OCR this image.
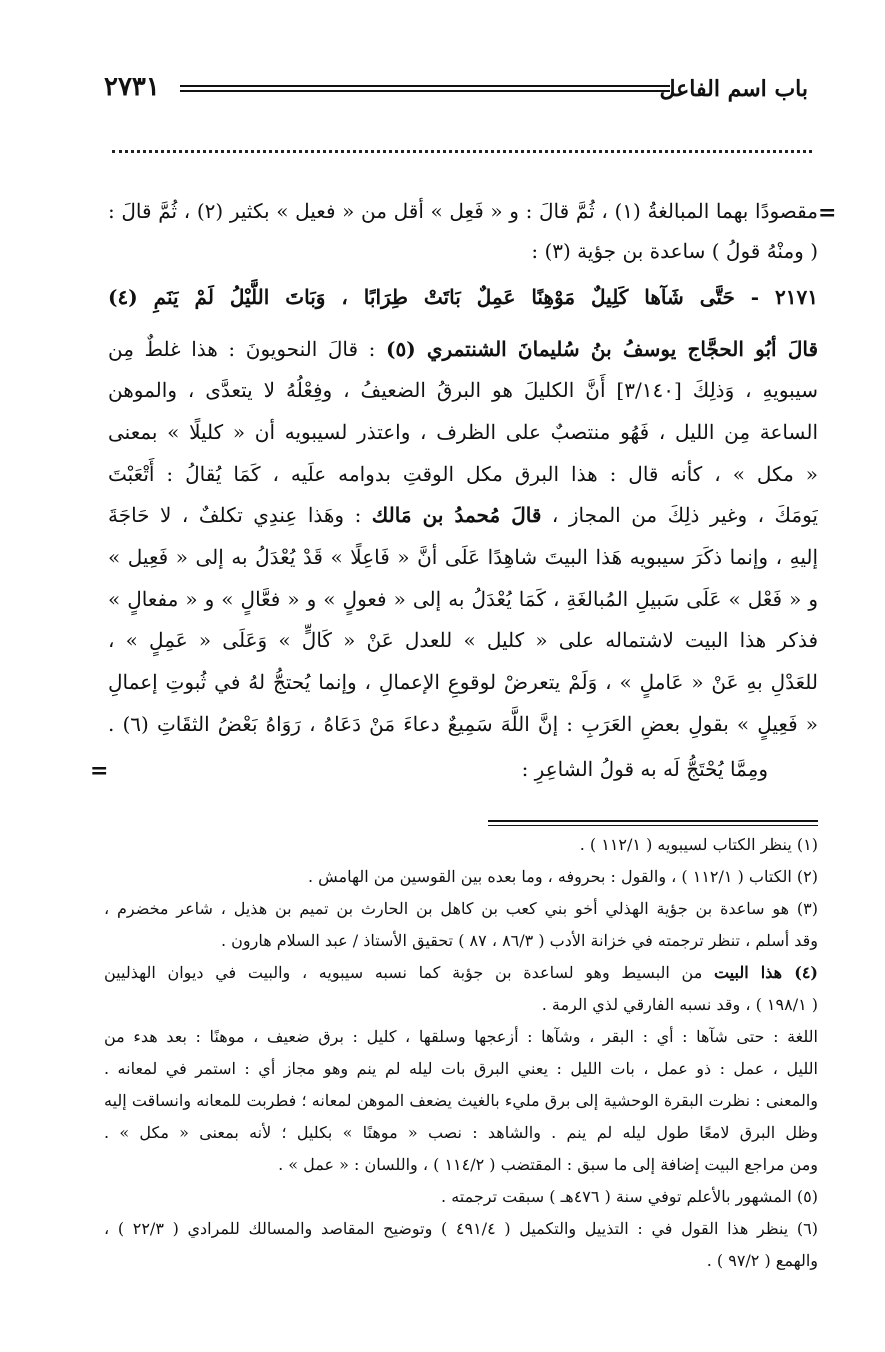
باب اسم الفاعل
٢٧٣١
=
مقصودًا بهما المبالغةُ (١) ، ثُمَّ قالَ : و « فَعِل » أقل من « فعيل » بكثير (٢) ، ثُمَّ قالَ :
( ومنْهُ قولُ ) ساعدة بن جؤية (٣) :
٢١٧١ - حَتَّى شَآها كَلِيلٌ مَوْهِنًا عَمِلٌ بَاتَتْ طِرَابًا ، وَبَاتَ اللَّيْلُ لَمْ يَنَمِ (٤)
قالَ أبُو الحجَّاج يوسفُ بنُ سُليمانَ الشنتمري (٥) : قالَ النحويونَ : هذا غلطٌ مِن
سيبويهِ ، وَذلِكَ [٣/١٤٠] أَنَّ الكليلَ هو البرقُ الضعيفُ ، وفِعْلُهُ لا يتعدَّى ، والموهن
الساعة مِن الليل ، فَهُو منتصبٌ على الظرف ، واعتذر لسيبويه أن « كليلًا » بمعنى
« مكل » ، كأنه قال : هذا البرق مكل الوقتِ بدوامه علَيه ، كَمَا يُقالُ : أَتْعَبْتَ
يَومَكَ ، وغير ذلِكَ من المجاز ، قالَ مُحمدُ بن مَالك : وهَذا عِندِي تكلفٌ ، لا حَاجَةَ
إليهِ ، وإنما ذكَرَ سيبويه هَذا البيتَ شاهِدًا عَلَى أنَّ « فَاعِلًا » قَدْ يُعْدَلُ به إلى « فَعِيل »
و « فَعْل » عَلَى سَبيلِ المُبالغَةِ ، كَمَا يُعْدَلُ به إلى « فعولٍ » و « فعَّالٍ » و « مفعالٍ »
فذكر هذا البيت لاشتماله على « كليل » للعدل عَنْ « كَالٍّ » وَعَلَى « عَمِلٍ » ،
للعَدْلِ بهِ عَنْ « عَاملٍ » ، وَلَمْ يتعرضْ لوقوعِ الإعمالِ ، وإنما يُحتجُّ لهُ في ثُبوتِ إعمالِ
« فَعِيلٍ » بقولِ بعضِ العَرَبِ : إنَّ اللَّهَ سَمِيعٌ دعاءَ مَنْ دَعَاهُ ، رَوَاهُ بَعْضُ الثقَاتِ (٦) .
ومِمَّا يُحْتَجُّ لَه به قولُ الشاعِرِ :
=
(١) ينظر الكتاب لسيبويه ( ١١٢/١ ) .
(٢) الكتاب ( ١١٢/١ ) ، والقول : بحروفه ، وما بعده بين القوسين من الهامش .
(٣) هو ساعدة بن جؤية الهذلي أخو بني كعب بن كاهل بن الحارث بن تميم بن هذيل ، شاعر مخضرم ،
وقد أسلم ، تنظر ترجمته في خزانة الأدب ( ٨٦/٣ ، ٨٧ ) تحقيق الأستاذ / عبد السلام هارون .
(٤) هذا البيت من البسيط وهو لساعدة بن جؤبة كما نسبه سيبويه ، والبيت في ديوان الهذليين
( ١٩٨/١ ) ، وقد نسبه الفارقي لذي الرمة .
اللغة : حتى شآها : أي : البقر ، وشآها : أزعجها وسلقها ، كليل : برق ضعيف ، موهنًا : بعد هدء من
الليل ، عمل : ذو عمل ، بات الليل : يعني البرق بات ليله لم ينم وهو مجاز أي : استمر في لمعانه .
والمعنى : نظرت البقرة الوحشية إلى برق مليء بالغيث يضعف الموهن لمعانه ؛ فطربت للمعانه وانساقت إليه
وظل البرق لامعًا طول ليله لم ينم . والشاهد : نصب « موهنًا » بكليل ؛ لأنه بمعنى « مكل » .
ومن مراجع البيت إضافة إلى ما سبق : المقتضب ( ١١٤/٢ ) ، واللسان : « عمل » .
(٥) المشهور بالأعلم توفي سنة ( ٤٧٦هـ ) سبقت ترجمته .
(٦) ينظر هذا القول في : التذييل والتكميل ( ٤٩١/٤ ) وتوضيح المقاصد والمسالك للمرادي ( ٢٢/٣ ) ،
والهمع ( ٩٧/٢ ) .
